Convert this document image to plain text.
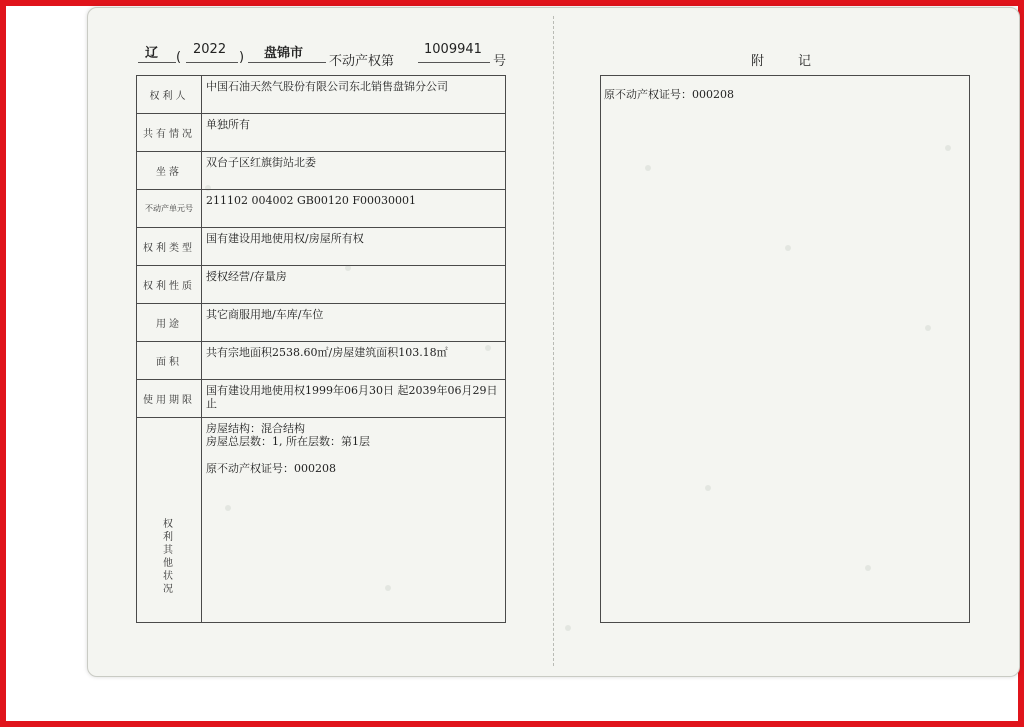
辽 (
2022
) 盘锦市
不动产权第
1009941
号
权利人	中国石油天然气股份有限公司东北销售盘锦分公司
共有情况	单独所有
坐落	双台子区红旗街站北委
不动产单元号	211102 004002 GB00120 F00030001
权利类型	国有建设用地使用权/房屋所有权
权利性质	授权经营/存量房
用途	其它商服用地/车库/车位
面积	共有宗地面积2538.60㎡/房屋建筑面积103.18㎡
使用期限	国有建设用地使用权1999年06月30日 起2039年06月29日 止
权利其他状况	房屋结构：混合结构
房屋总层数：1, 所在层数：第1层
原不动产权证号：000208
附记
原不动产权证号：000208
